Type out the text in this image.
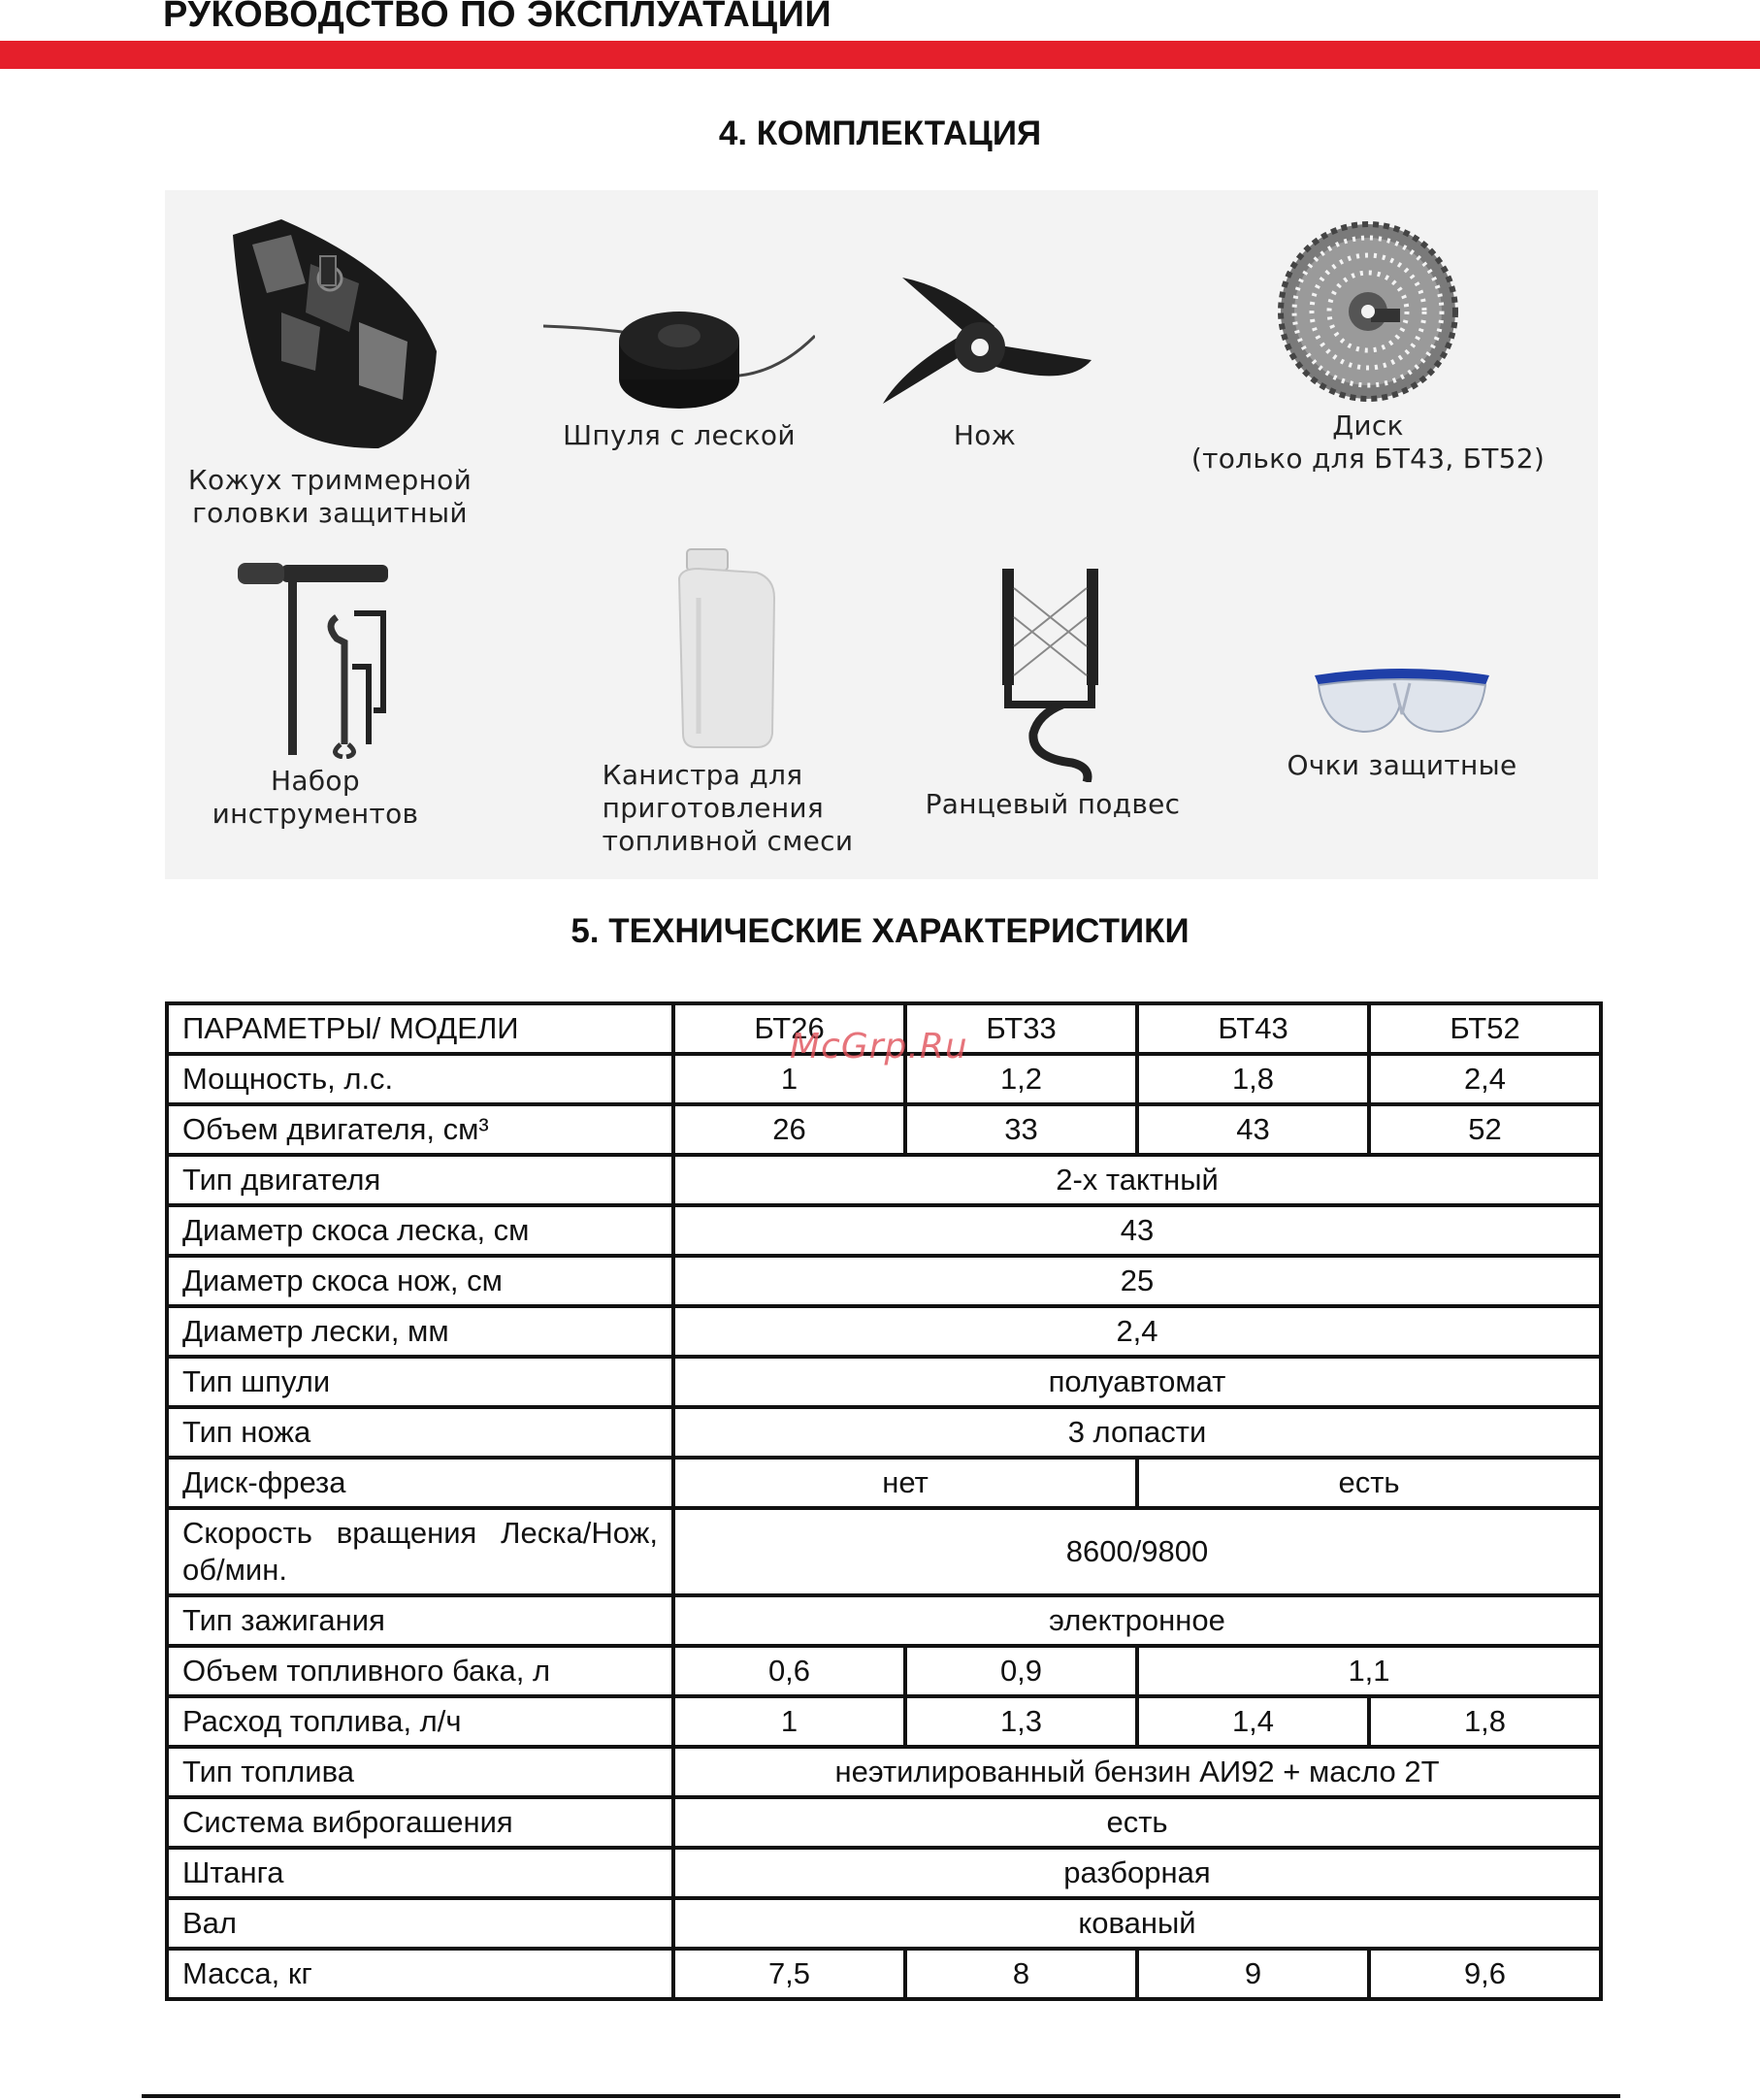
РУКОВОДСТВО ПО ЭКСПЛУАТАЦИИ
4. КОМПЛЕКТАЦИЯ
Кожух триммерной
головки защитный
Шпуля с леской	Нож	Диск
(только для БТ43, БТ52)
Набор
инструментов
Канистра для
приготовления
топливной смеси
Ранцевый подвес
Очки защитные
5. ТЕХНИЧЕСКИЕ ХАРАКТЕРИСТИКИ
ПАРАМЕТРЫ/ МОДЕЛИ	БТ26	БТ33	БТ43	БТ52
Мощность, л.с.	1	1,2	1,8	2,4
Объем двигателя, см³	26	33	43	52
Тип двигателя	2-х тактный			
Диаметр скоса леска, см	43			
Диаметр скоса нож, см	25			
Диаметр лески, мм	2,4			
Тип шпули	полуавтомат			
Тип ножа	3 лопасти			
Диск-фреза	нет		есть	
Скорость вращения Леска/Нож, об/мин.	8600/9800			
Тип зажигания	электронное			
Объем топливного бака, л	0,6	0,9	1,1	
Расход топлива, л/ч	1	1,3	1,4	1,8
Тип топлива	неэтилированный бензин АИ92 + масло 2Т			
Система виброгашения	есть			
Штанга	разборная			
Вал	кованый			
Масса, кг	7,5	8	9	9,6
McGrp.Ru
